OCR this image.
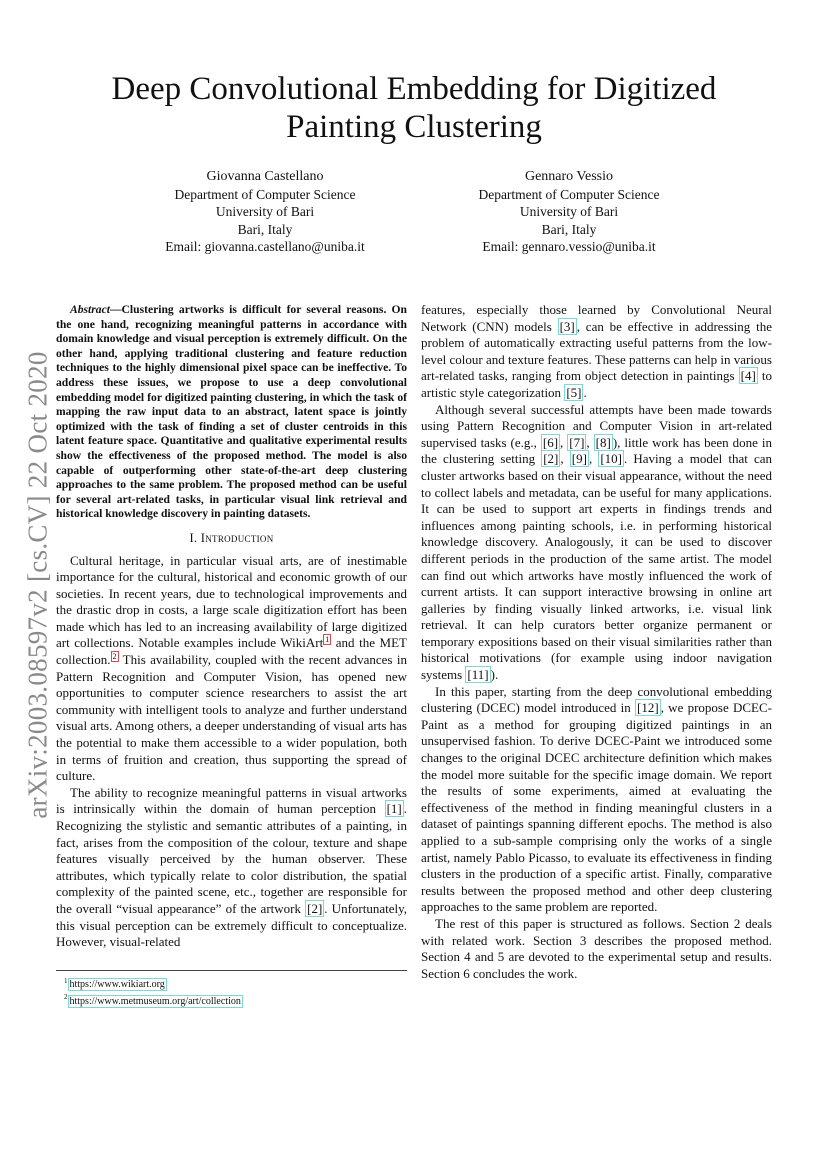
arXiv:2003.08597v2 [cs.CV] 22 Oct 2020
Deep Convolutional Embedding for Digitized Painting Clustering
Giovanna Castellano
Department of Computer Science
University of Bari
Bari, Italy
Email: giovanna.castellano@uniba.it
Gennaro Vessio
Department of Computer Science
University of Bari
Bari, Italy
Email: gennaro.vessio@uniba.it

Abstract—Clustering artworks is difficult for several reasons. On the one hand, recognizing meaningful patterns in accordance with domain knowledge and visual perception is extremely difficult. On the other hand, applying traditional clustering and feature reduction techniques to the highly dimensional pixel space can be ineffective. To address these issues, we propose to use a deep convolutional embedding model for digitized painting clustering, in which the task of mapping the raw input data to an abstract, latent space is jointly optimized with the task of finding a set of cluster centroids in this latent feature space. Quantitative and qualitative experimental results show the effectiveness of the proposed method. The model is also capable of outperforming other state-of-the-art deep clustering approaches to the same problem. The proposed method can be useful for several art-related tasks, in particular visual link retrieval and historical knowledge discovery in painting datasets.

I. Introduction

Cultural heritage, in particular visual arts, are of inestimable importance for the cultural, historical and economic growth of our societies. In recent years, due to technological improvements and the drastic drop in costs, a large scale digitization effort has been made which has led to an increasing availability of large digitized art collections. Notable examples include WikiArt $^1$ and the MET collection. $^2$ This availability, coupled with the recent advances in Pattern Recognition and Computer Vision, has opened new opportunities to computer science researchers to assist the art community with intelligent tools to analyze and further understand visual arts. Among others, a deeper understanding of visual arts has the potential to make them accessible to a wider population, both in terms of fruition and creation, thus supporting the spread of culture.

The ability to recognize meaningful patterns in visual artworks is intrinsically within the domain of human perception [1] . Recognizing the stylistic and semantic attributes of a painting, in fact, arises from the composition of the colour, texture and shape features visually perceived by the human observer. These attributes, which typically relate to color distribution, the spatial complexity of the painted scene, etc., together are responsible for the overall “visual appearance” of the artwork [2] . Unfortunately, this visual perception can be extremely difficult to conceptualize. However, visual-related

$^1$ https://www.wikiart.org

$^2$ https://www.metmuseum.org/art/collection

features, especially those learned by Convolutional Neural Network (CNN) models [3] , can be effective in addressing the problem of automatically extracting useful patterns from the low-level colour and texture features. These patterns can help in various art-related tasks, ranging from object detection in paintings [4] to artistic style categorization [5] .

Although several successful attempts have been made towards using Pattern Recognition and Computer Vision in art-related supervised tasks (e.g., [6] , [7] , [8] ), little work has been done in the clustering setting [2] , [9] , [10] . Having a model that can cluster artworks based on their visual appearance, without the need to collect labels and metadata, can be useful for many applications. It can be used to support art experts in findings trends and influences among painting schools, i.e. in performing historical knowledge discovery. Analogously, it can be used to discover different periods in the production of the same artist. The model can find out which artworks have mostly influenced the work of current artists. It can support interactive browsing in online art galleries by finding visually linked artworks, i.e. visual link retrieval. It can help curators better organize permanent or temporary expositions based on their visual similarities rather than historical motivations (for example using indoor navigation systems [11] ).

In this paper, starting from the deep convolutional embedding clustering (DCEC) model introduced in [12] , we propose DCEC-Paint as a method for grouping digitized paintings in an unsupervised fashion. To derive DCEC-Paint we introduced some changes to the original DCEC architecture definition which makes the model more suitable for the specific image domain. We report the results of some experiments, aimed at evaluating the effectiveness of the method in finding meaningful clusters in a dataset of paintings spanning different epochs. The method is also applied to a sub-sample comprising only the works of a single artist, namely Pablo Picasso, to evaluate its effectiveness in finding clusters in the production of a specific artist. Finally, comparative results between the proposed method and other deep clustering approaches to the same problem are reported.

The rest of this paper is structured as follows. Section 2 deals with related work. Section 3 describes the proposed method. Section 4 and 5 are devoted to the experimental setup and results. Section 6 concludes the work.
